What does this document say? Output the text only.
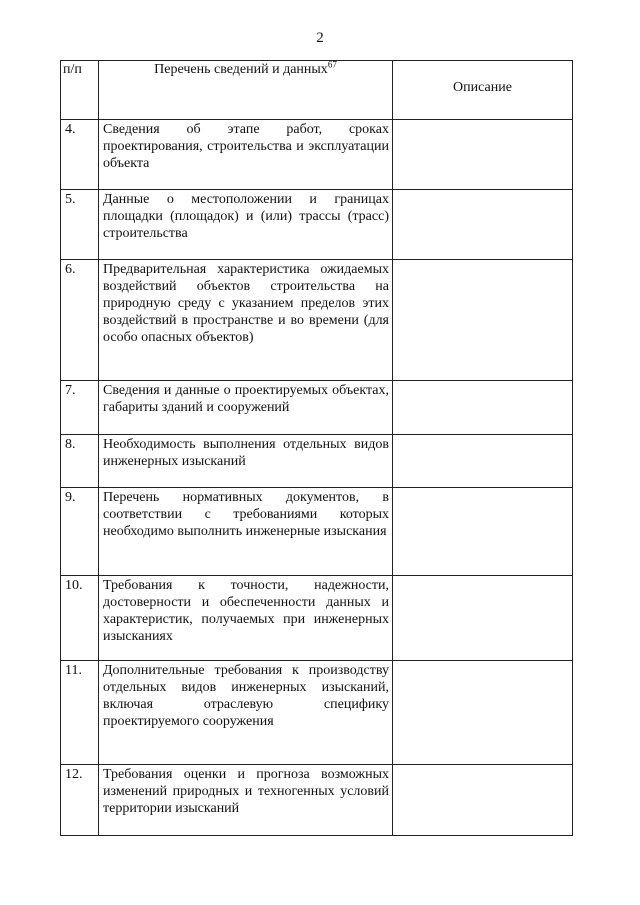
2
п/п	Перечень сведений и данных$^{67}$	Описание
4.	Сведения об этапе работ, сроках проектирования, строительства и эксплуатации объекта	
5.	Данные о местоположении и границах площадки (площадок) и (или) трассы (трасс) строительства	
6.	Предварительная характеристика ожидаемых воздействий объектов строительства на природную среду с указанием пределов этих воздействий в пространстве и во времени (для особо опасных объектов)	
7.	Сведения и данные о проектируемых объектах, габариты зданий и сооружений	
8.	Необходимость выполнения отдельных видов инженерных изысканий	
9.	Перечень нормативных документов, в соответствии с требованиями которых необходимо выполнить инженерные изыскания	
10.	Требования к точности, надежности, достоверности и обеспеченности данных и характеристик, получаемых при инженерных изысканиях	
11.	Дополнительные требования к производству отдельных видов инженерных изысканий, включая отраслевую специфику проектируемого сооружения	
12.	Требования оценки и прогноза возможных изменений природных и техногенных условий территории изысканий	
